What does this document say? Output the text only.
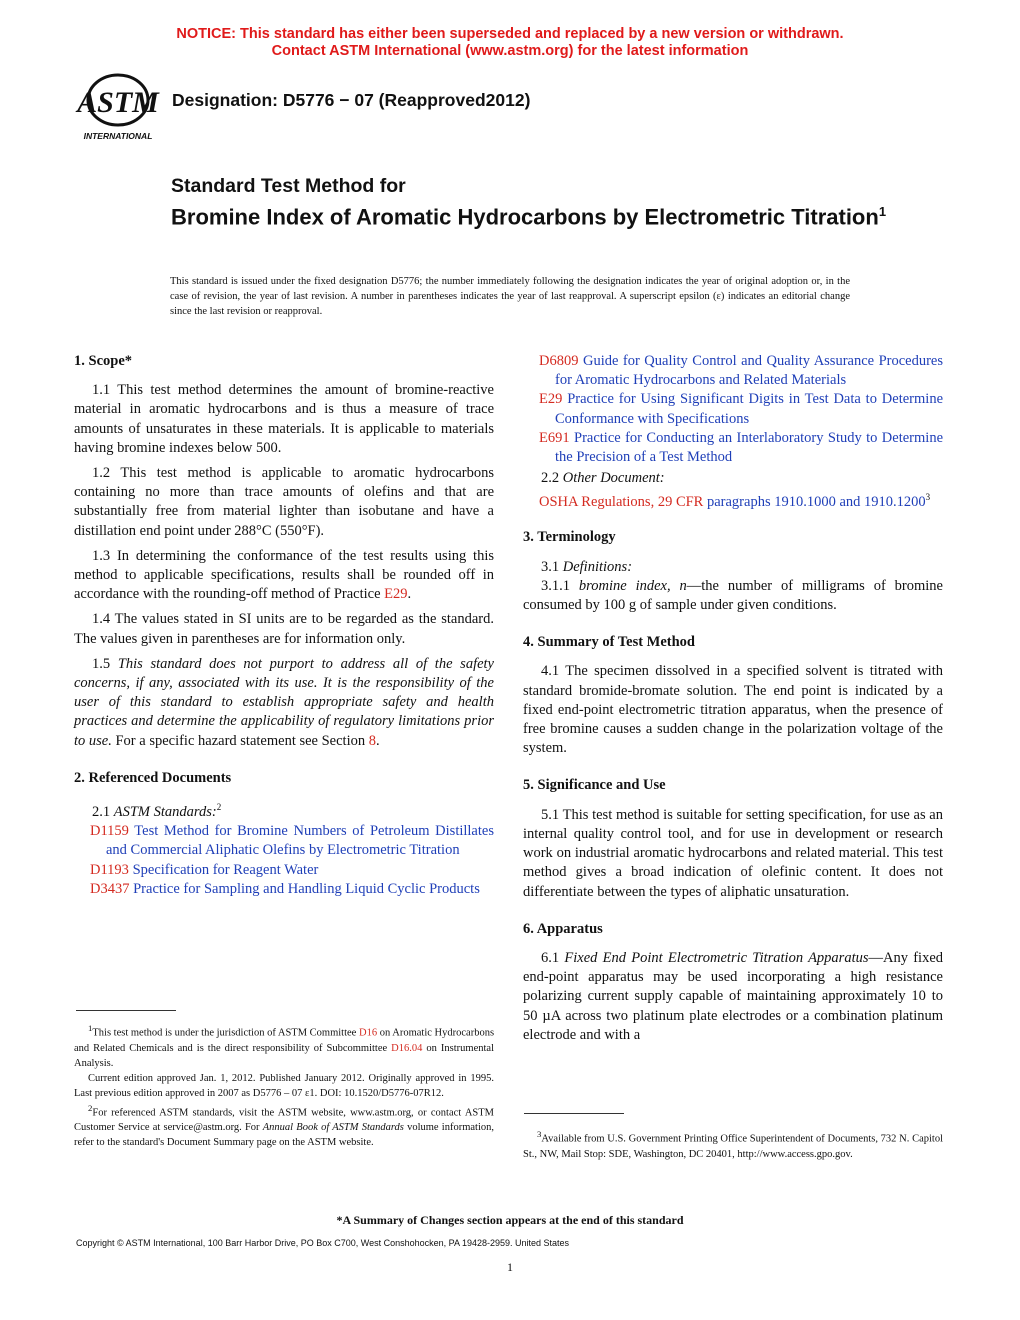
NOTICE: This standard has either been superseded and replaced by a new version or withdrawn.
Contact ASTM International (www.astm.org) for the latest information
ASTM
INTERNATIONAL
Designation: D5776 − 07 (Reapproved2012)
Standard Test Method for
Bromine Index of Aromatic Hydrocarbons by Electrometric Titration$^1$
This standard is issued under the fixed designation D5776; the number immediately following the designation indicates the year of original adoption or, in the case of revision, the year of last revision. A number in parentheses indicates the year of last reapproval. A superscript epsilon (ε) indicates an editorial change since the last revision or reapproval.
1. Scope*

1.1 This test method determines the amount of bromine-reactive material in aromatic hydrocarbons and is thus a measure of trace amounts of unsaturates in these materials. It is applicable to materials having bromine indexes below 500.

1.2 This test method is applicable to aromatic hydrocarbons containing no more than trace amounts of olefins and that are substantially free from material lighter than isobutane and have a distillation end point under 288°C (550°F).

1.3 In determining the conformance of the test results using this method to applicable specifications, results shall be rounded off in accordance with the rounding-off method of Practice E29.

1.4 The values stated in SI units are to be regarded as the standard. The values given in parentheses are for information only.

1.5 This standard does not purport to address all of the safety concerns, if any, associated with its use. It is the responsibility of the user of this standard to establish appropriate safety and health practices and determine the applicability of regulatory limitations prior to use. For a specific hazard statement see Section 8.

2. Referenced Documents

2.1 ASTM Standards:$^2$

D1159 Test Method for Bromine Numbers of Petroleum Distillates and Commercial Aliphatic Olefins by Electrometric Titration
D1193 Specification for Reagent Water
D3437 Practice for Sampling and Handling Liquid Cyclic Products

$^1$This test method is under the jurisdiction of ASTM Committee D16 on Aromatic Hydrocarbons and Related Chemicals and is the direct responsibility of Subcommittee D16.04 on Instrumental Analysis.

Current edition approved Jan. 1, 2012. Published January 2012. Originally approved in 1995. Last previous edition approved in 2007 as D5776 – 07 ε1. DOI: 10.1520/D5776-07R12.

$^2$For referenced ASTM standards, visit the ASTM website, www.astm.org, or contact ASTM Customer Service at service@astm.org. For Annual Book of ASTM Standards volume information, refer to the standard's Document Summary page on the ASTM website.

D6809 Guide for Quality Control and Quality Assurance Procedures for Aromatic Hydrocarbons and Related Materials
E29 Practice for Using Significant Digits in Test Data to Determine Conformance with Specifications
E691 Practice for Conducting an Interlaboratory Study to Determine the Precision of a Test Method

2.2 Other Document:

OSHA Regulations, 29 CFR paragraphs 1910.1000 and 1910.1200$^3$
3. Terminology

3.1 Definitions:

3.1.1 bromine index, n—the number of milligrams of bromine consumed by 100 g of sample under given conditions.

4. Summary of Test Method

4.1 The specimen dissolved in a specified solvent is titrated with standard bromide-bromate solution. The end point is indicated by a fixed end-point electrometric titration apparatus, when the presence of free bromine causes a sudden change in the polarization voltage of the system.

5. Significance and Use

5.1 This test method is suitable for setting specification, for use as an internal quality control tool, and for use in development or research work on industrial aromatic hydrocarbons and related material. This test method gives a broad indication of olefinic content. It does not differentiate between the types of aliphatic unsaturation.

6. Apparatus

6.1 Fixed End Point Electrometric Titration Apparatus—Any fixed end-point apparatus may be used incorporating a high resistance polarizing current supply capable of maintaining approximately 10 to 50 µA across two platinum plate electrodes or a combination platinum electrode and with a

$^3$Available from U.S. Government Printing Office Superintendent of Documents, 732 N. Capitol St., NW, Mail Stop: SDE, Washington, DC 20401, http://www.access.gpo.gov.

*A Summary of Changes section appears at the end of this standard
Copyright © ASTM International, 100 Barr Harbor Drive, PO Box C700, West Conshohocken, PA 19428-2959. United States
1
